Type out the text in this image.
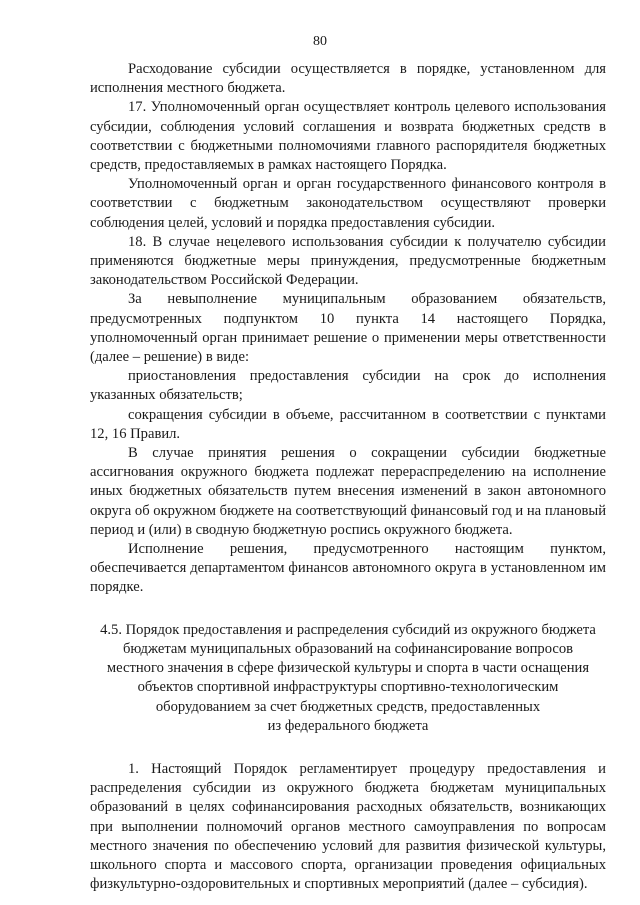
80

Расходование субсидии осуществляется в порядке, установленном для исполнения местного бюджета.

17. Уполномоченный орган осуществляет контроль целевого использования субсидии, соблюдения условий соглашения и возврата бюджетных средств в соответствии с бюджетными полномочиями главного распорядителя бюджетных средств, предоставляемых в рамках настоящего Порядка.

Уполномоченный орган и орган государственного финансового контроля в соответствии с бюджетным законодательством осуществляют проверки соблюдения целей, условий и порядка предоставления субсидии.

18. В случае нецелевого использования субсидии к получателю субсидии применяются бюджетные меры принуждения, предусмотренные бюджетным законодательством Российской Федерации.

За невыполнение муниципальным образованием обязательств, предусмотренных подпунктом 10 пункта 14 настоящего Порядка, уполномоченный орган принимает решение о применении меры ответственности (далее – решение) в виде:

приостановления предоставления субсидии на срок до исполнения указанных обязательств;

сокращения субсидии в объеме, рассчитанном в соответствии с пунктами 12, 16 Правил.

В случае принятия решения о сокращении субсидии бюджетные ассигнования окружного бюджета подлежат перераспределению на исполнение иных бюджетных обязательств путем внесения изменений в закон автономного округа об окружном бюджете на соответствующий финансовый год и на плановый период и (или) в сводную бюджетную роспись окружного бюджета.

Исполнение решения, предусмотренного настоящим пунктом, обеспечивается департаментом финансов автономного округа в установленном им порядке.

4.5. Порядок предоставления и распределения субсидий из окружного бюджета
бюджетам муниципальных образований на софинансирование вопросов
местного значения в сфере физической культуры и спорта в части оснащения
объектов спортивной инфраструктуры спортивно-технологическим
оборудованием за счет бюджетных средств, предоставленных
из федерального бюджета

1. Настоящий Порядок регламентирует процедуру предоставления и распределения субсидии из окружного бюджета бюджетам муниципальных образований в целях софинансирования расходных обязательств, возникающих при выполнении полномочий органов местного самоуправления по вопросам местного значения по обеспечению условий для развития физической культуры, школьного спорта и массового спорта, организации проведения официальных физкультурно-оздоровительных и спортивных мероприятий (далее – субсидия).
